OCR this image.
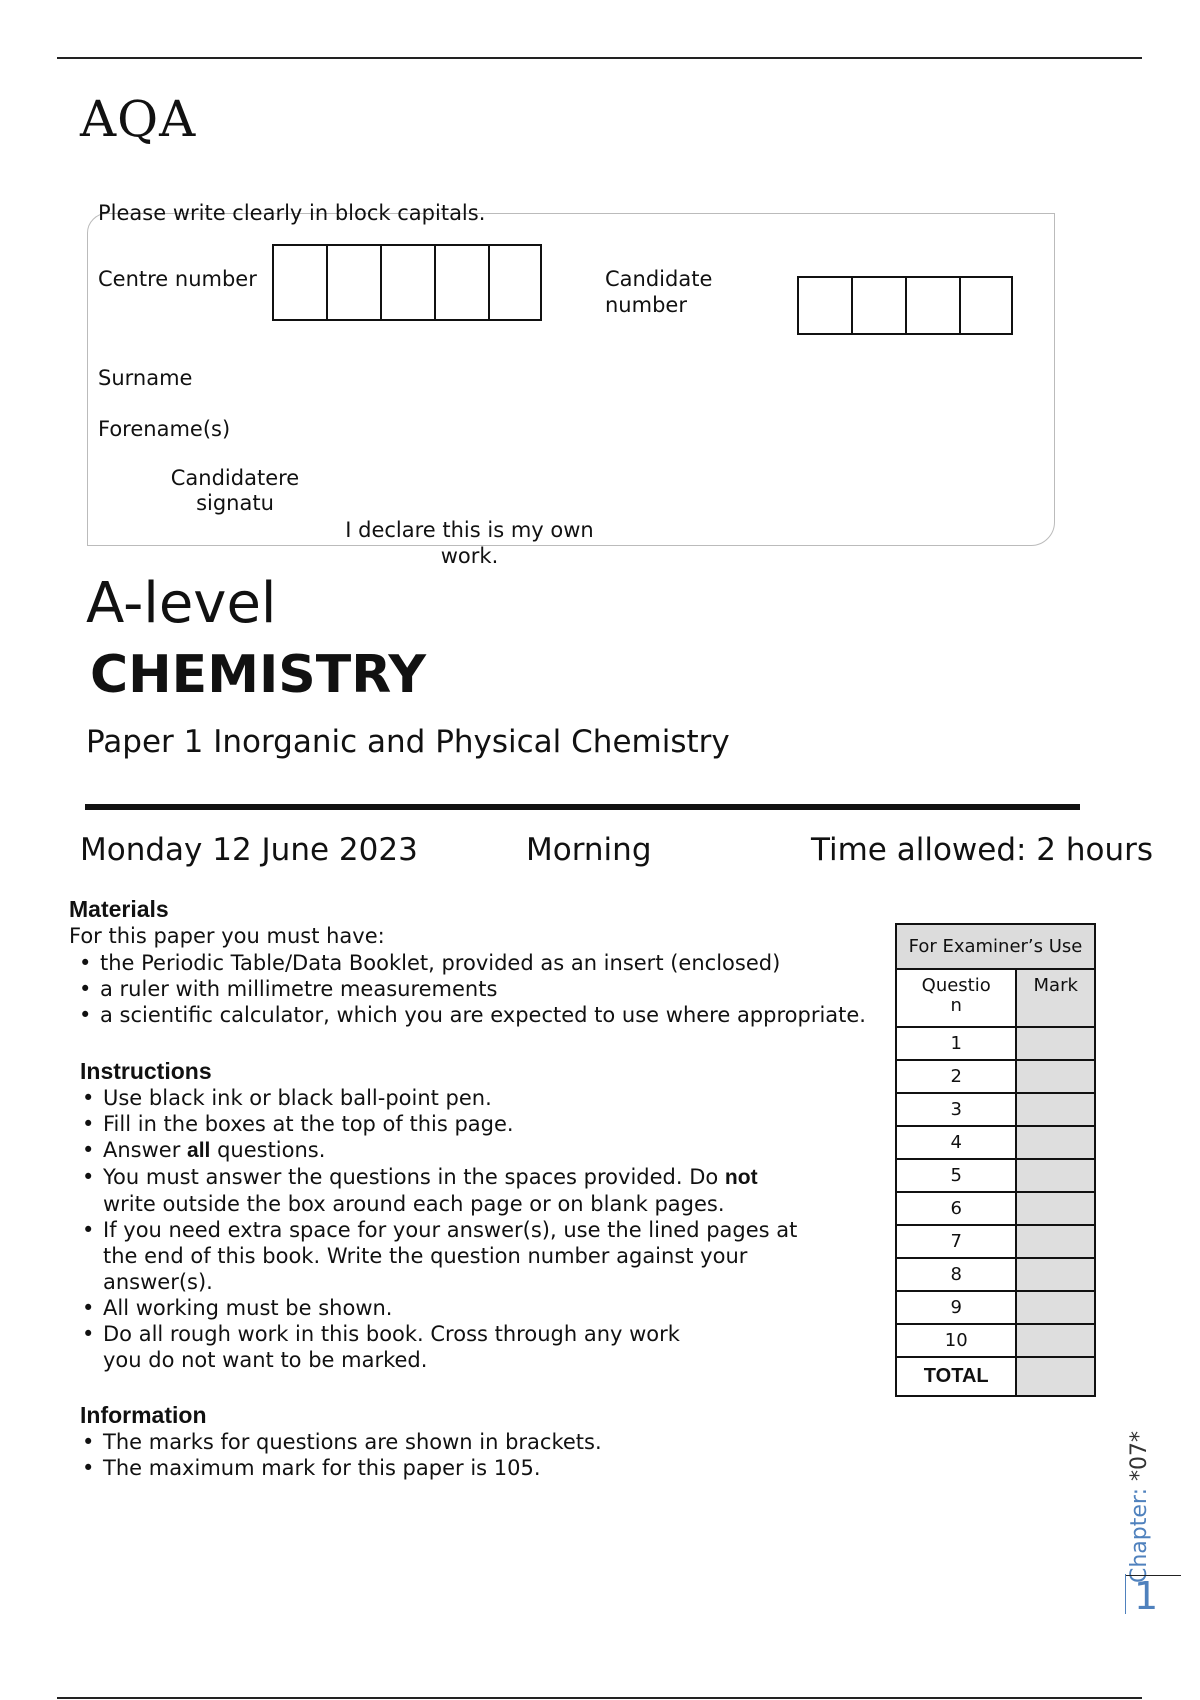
AQA
Please write clearly in block capitals.
Centre number	Candidate
number
Surname
Forename(s)
Candidatere
signatu
I declare this is my own
work.
A-level
CHEMISTRY
Paper 1 Inorganic and Physical Chemistry
Monday 12 June 2023	Morning	Time allowed: 2 hours
Materials
For this paper you must have:
• the Periodic Table/Data Booklet, provided as an insert (enclosed)
• a ruler with millimetre measurements
• a scientific calculator, which you are expected to use where appropriate.
Instructions
• Use black ink or black ball-point pen.
• Fill in the boxes at the top of this page.
• Answer all questions.
• You must answer the questions in the spaces provided. Do not
write outside the box around each page or on blank pages.
• If you need extra space for your answer(s), use the lined pages at
the end of this book. Write the question number against your
answer(s).
• All working must be shown.
• Do all rough work in this book. Cross through any work
you do not want to be marked.
Information
• The marks for questions are shown in brackets.
• The maximum mark for this paper is 105.
For Examiner’s Use	

Questio
n	Mark
1	
2	
3	
4	
5	
6	
7	
8	
9	
10	
TOTAL	
Chapter: *07*
1
